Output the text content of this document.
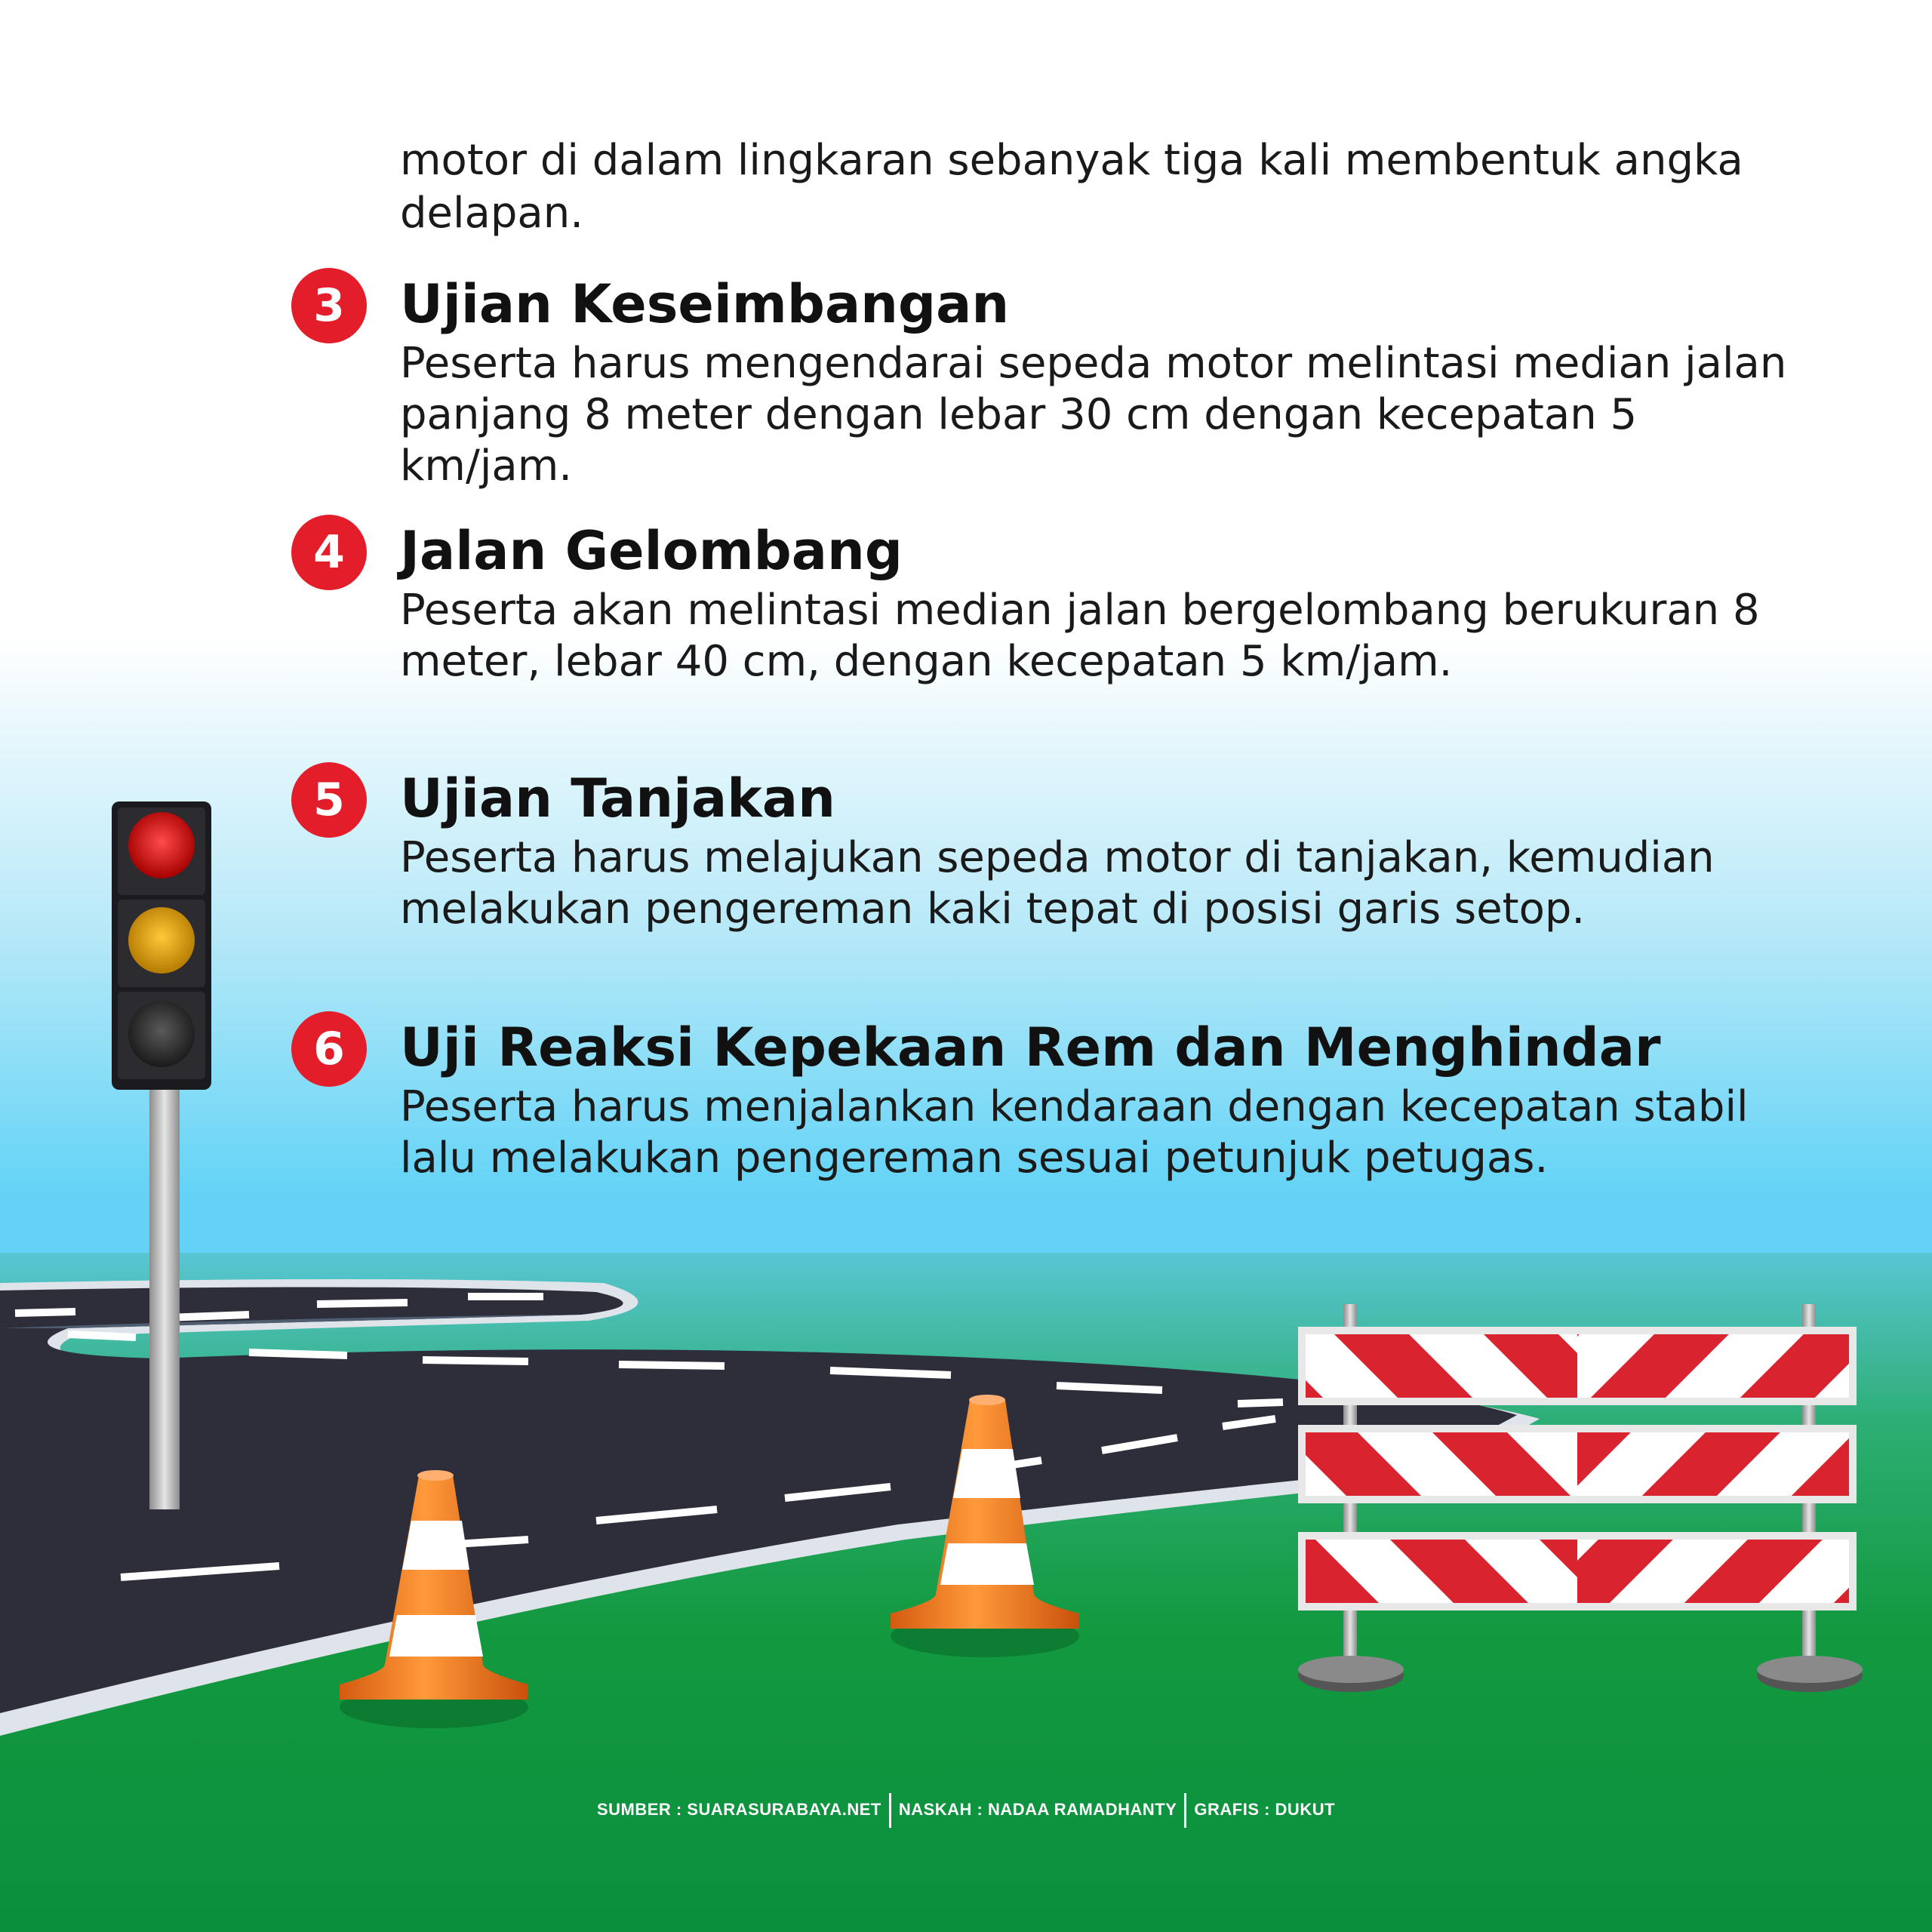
motor di dalam lingkaran sebanyak tiga kali membentuk angka delapan.
3	Ujian Keseimbangan

Peserta harus mengendarai sepeda motor melintasi median jalan panjang 8 meter dengan lebar 30 cm dengan kecepatan 5 km/jam.

4	Jalan Gelombang

Peserta akan melintasi median jalan bergelombang berukuran 8 meter, lebar 40 cm, dengan kecepatan 5 km/jam.

5	Ujian Tanjakan

Peserta harus melajukan sepeda motor di tanjakan, kemudian melakukan pengereman kaki tepat di posisi garis setop.

6	Uji Reaksi Kepekaan Rem dan Menghindar

Peserta harus menjalankan kendaraan dengan kecepatan stabil lalu melakukan pengereman sesuai petunjuk petugas.

SUMBER : SUARASURABAYA.NET NASKAH : NADAA RAMADHANTY GRAFIS : DUKUT
